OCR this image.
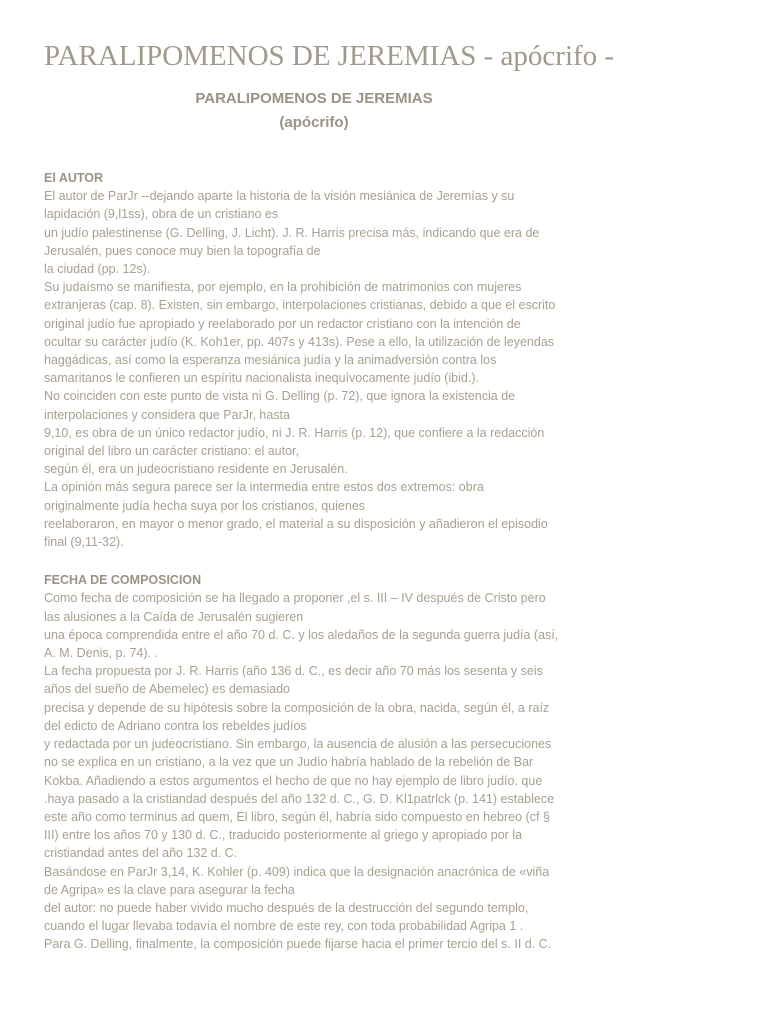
PARALIPOMENOS DE JEREMIAS - apócrifo -
PARALIPOMENOS DE JEREMIAS
(apócrifo)
El AUTOR
El autor de ParJr --dejando aparte la historia de la visión mesiánica de Jeremías y su
lapidación (9,l1ss), obra de un cristiano es
un judío palestinense (G. Delling, J. Licht). J. R. Harris precisa más, indicando que era de
Jerusalén, pues conoce muy bien la topografía de
la ciudad (pp. 12s).
Su judaísmo se manifiesta, por ejemplo, en la prohibición de matrimonios con mujeres
extranjeras (cap. 8). Existen, sin embargo, interpolaciones cristianas, debido a que el escrito
original judío fue apropiado y reelaborado por un redactor cristiano con la intención de
ocultar su carácter judío (K. Koh1er, pp. 407s y 413s). Pese a ello, la utilización de leyendas
haggádicas, así como la esperanza mesiánica judía y la animadversión contra los
samaritanos le confieren un espíritu nacionalista inequívocamente judío (ibid.).
No coinciden con este punto de vista ni G. Delling (p. 72), que ignora la existencia de
interpolaciones y considera que ParJr, hasta
9,10, es obra de un único redactor judío, ni J. R. Harris (p. 12), que confiere a la redacción
original del libro un carácter cristiano: el autor,
según él, era un judeocristiano residente en Jerusalén.
La opinión más segura parece ser la intermedia entre estos dos extremos: obra
originalmente judía hecha suya por los cristianos, quienes
reelaboraron, en mayor o menor grado, el material a su disposición y añadieron el episodio
final (9,11-32).
FECHA DE COMPOSICION
Como fecha de composición se ha llegado a proponer ,el s. III – IV después de Cristo pero
las alusiones a la Caída de Jerusalén sugieren
una época comprendida entre el año 70 d. C. y los aledaños de la segunda guerra judía (así,
A. M. Denis, p. 74). .
La fecha propuesta por J. R. Harris (año 136 d. C., es decir año 70 más los sesenta y seis
años del sueño de Abemelec) es demasiado
precisa y depende de su hipótesis sobre la composición de la obra, nacida, según él, a raíz
del edicto de Adriano contra los rebeldes judíos
y redactada por un judeocristiano. Sin embargo, la ausencia de alusión a las persecuciones
no se explica en un cristiano, a la vez que un Judío habría hablado de la rebelión de Bar
Kokba. Añadiendo a estos argumentos el hecho de que no hay ejemplo de libro judío. que
.haya pasado a la cristiandad después del año 132 d. C., G. D. Kl1patrlck (p. 141) establece
este año como terminus ad quem, El libro, según él, habría sido compuesto en hebreo (cf §
III) entre los años 70 y 130 d. C., traducido posteriormente al griego y apropiado por la
cristiandad antes del año 132 d. C.
Basándose en ParJr 3,14, K. Kohler (p. 409) indica que la designación anacrónica de «viña
de Agripa» es la clave para asegurar la fecha
del autor: no puede haber vivido mucho después de la destrucción del segundo templo,
cuando el lugar llevaba todavía el nombre de este rey, con toda probabilidad Agripa 1 .
Para G. Delling, finalmente, la composición puede fijarse hacia el primer tercio del s. II d. C.
